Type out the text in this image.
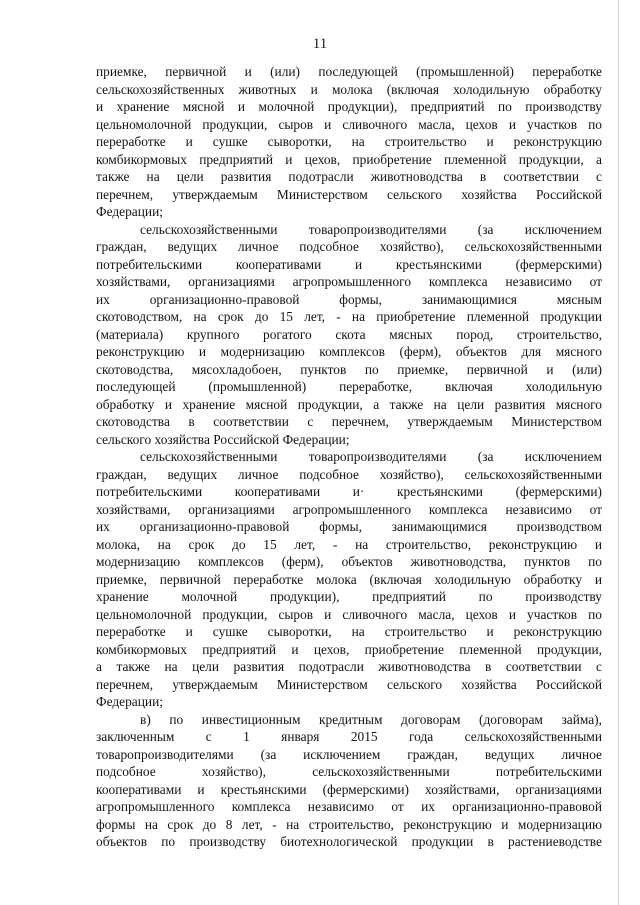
11
приемке, первичной и (или) последующей (промышленной) переработке
сельскохозяйственных животных и молока (включая холодильную обработку
и хранение мясной и молочной продукции), предприятий по производству
цельномолочной продукции, сыров и сливочного масла, цехов и участков по
переработке и сушке сыворотки, на строительство и реконструкцию
комбикормовых предприятий и цехов, приобретение племенной продукции, а
также на цели развития подотрасли животноводства в соответствии с
перечнем, утверждаемым Министерством сельского хозяйства Российской
Федерации;
сельскохозяйственными товаропроизводителями (за исключением
граждан, ведущих личное подсобное хозяйство), сельскохозяйственными
потребительскими кооперативами и крестьянскими (фермерскими)
хозяйствами, организациями агропромышленного комплекса независимо от
их организационно-правовой формы, занимающимися мясным
скотоводством, на срок до 15 лет, - на приобретение племенной продукции
(материала) крупного рогатого скота мясных пород, строительство,
реконструкцию и модернизацию комплексов (ферм), объектов для мясного
скотоводства, мясохладобоен, пунктов по приемке, первичной и (или)
последующей (промышленной) переработке, включая холодильную
обработку и хранение мясной продукции, а также на цели развития мясного
скотоводства в соответствии с перечнем, утверждаемым Министерством
сельского хозяйства Российской Федерации;
сельскохозяйственными товаропроизводителями (за исключением
граждан, ведущих личное подсобное хозяйство), сельскохозяйственными
потребительскими кооперативами и· крестьянскими (фермерскими)
хозяйствами, организациями агропромышленного комплекса независимо от
их организационно-правовой формы, занимающимися производством
молока, на срок до 15 лет, - на строительство, реконструкцию и
модернизацию комплексов (ферм), объектов животноводства, пунктов по
приемке, первичной переработке молока (включая холодильную обработку и
хранение молочной продукции), предприятий по производству
цельномолочной продукции, сыров и сливочного масла, цехов и участков по
переработке и сушке сыворотки, на строительство и реконструкцию
комбикормовых предприятий и цехов, приобретение племенной продукции,
а также на цели развития подотрасли животноводства в соответствии с
перечнем, утверждаемым Министерством сельского хозяйства Российской
Федерации;
в) по инвестиционным кредитным договорам (договорам займа),
заключенным с 1 января 2015 года сельскохозяйственными
товаропроизводителями (за исключением граждан, ведущих личное
подсобное хозяйство), сельскохозяйственными потребительскими
кооперативами и крестьянскими (фермерскими) хозяйствами, организациями
агропромышленного комплекса независимо от их организационно-правовой
формы на срок до 8 лет, - на строительство, реконструкцию и модернизацию
объектов по производству биотехнологической продукции в растениеводстве
